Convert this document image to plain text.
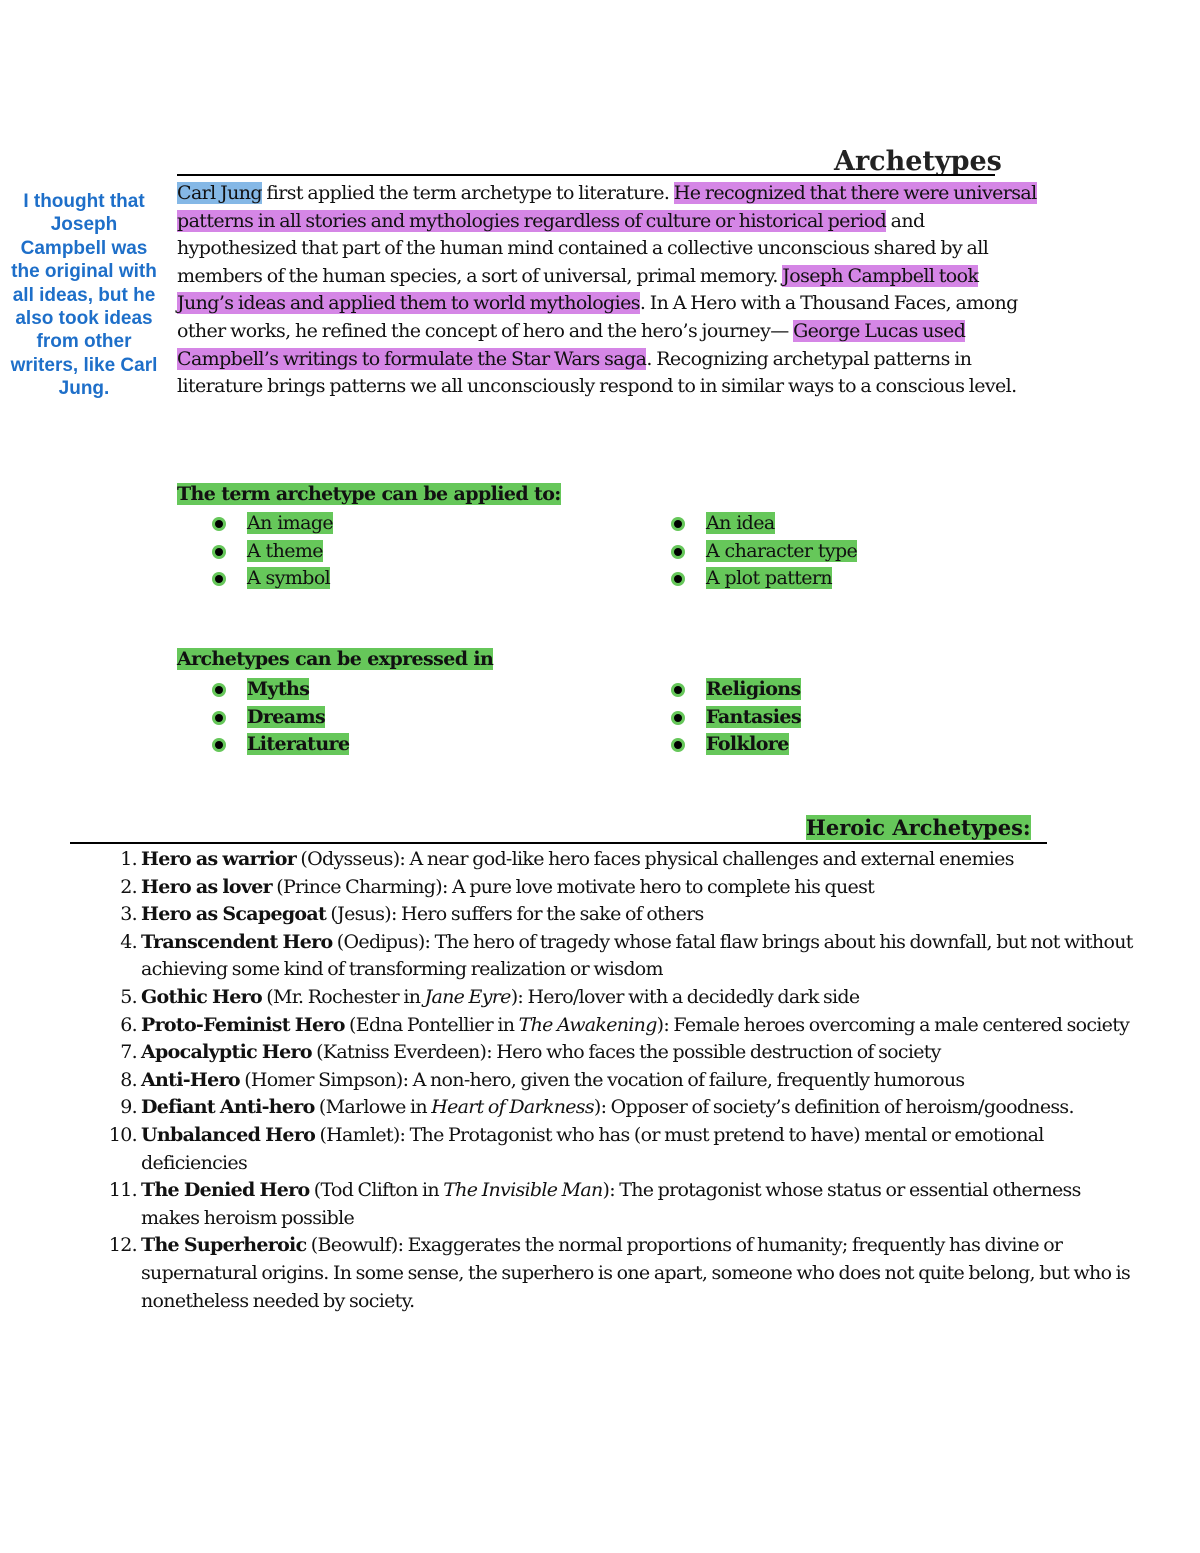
Archetypes
I thought that Joseph Campbell was the original with all ideas, but he also took ideas from other writers, like Carl Jung.
Carl Jung first applied the term archetype to literature. He recognized that there were universal patterns in all stories and mythologies regardless of culture or historical period and hypothesized that part of the human mind contained a collective unconscious shared by all members of the human species, a sort of universal, primal memory. Joseph Campbell took Jung’s ideas and applied them to world mythologies. In A Hero with a Thousand Faces, among other works, he refined the concept of hero and the hero’s journey— George Lucas used Campbell’s writings to formulate the Star Wars saga. Recognizing archetypal patterns in literature brings patterns we all unconsciously respond to in similar ways to a conscious level.
The term archetype can be applied to:
An image
A theme
A symbol
An idea
A character type
A plot pattern
Archetypes can be expressed in
Myths
Dreams
Literature
Religions
Fantasies
Folklore
Heroic Archetypes:
1. Hero as warrior (Odysseus): A near god-like hero faces physical challenges and external enemies
2. Hero as lover (Prince Charming): A pure love motivate hero to complete his quest
3. Hero as Scapegoat (Jesus): Hero suffers for the sake of others
4. Transcendent Hero (Oedipus): The hero of tragedy whose fatal flaw brings about his downfall, but not without achieving some kind of transforming realization or wisdom
5. Gothic Hero (Mr. Rochester in Jane Eyre): Hero/lover with a decidedly dark side
6. Proto-Feminist Hero (Edna Pontellier in The Awakening): Female heroes overcoming a male centered society
7. Apocalyptic Hero (Katniss Everdeen): Hero who faces the possible destruction of society
8. Anti-Hero (Homer Simpson): A non-hero, given the vocation of failure, frequently humorous
9. Defiant Anti-hero (Marlowe in Heart of Darkness): Opposer of society’s definition of heroism/goodness.
10. Unbalanced Hero (Hamlet): The Protagonist who has (or must pretend to have) mental or emotional deficiencies
11. The Denied Hero (Tod Clifton in The Invisible Man): The protagonist whose status or essential otherness makes heroism possible
12. The Superheroic (Beowulf): Exaggerates the normal proportions of humanity; frequently has divine or supernatural origins. In some sense, the superhero is one apart, someone who does not quite belong, but who is nonetheless needed by society.
